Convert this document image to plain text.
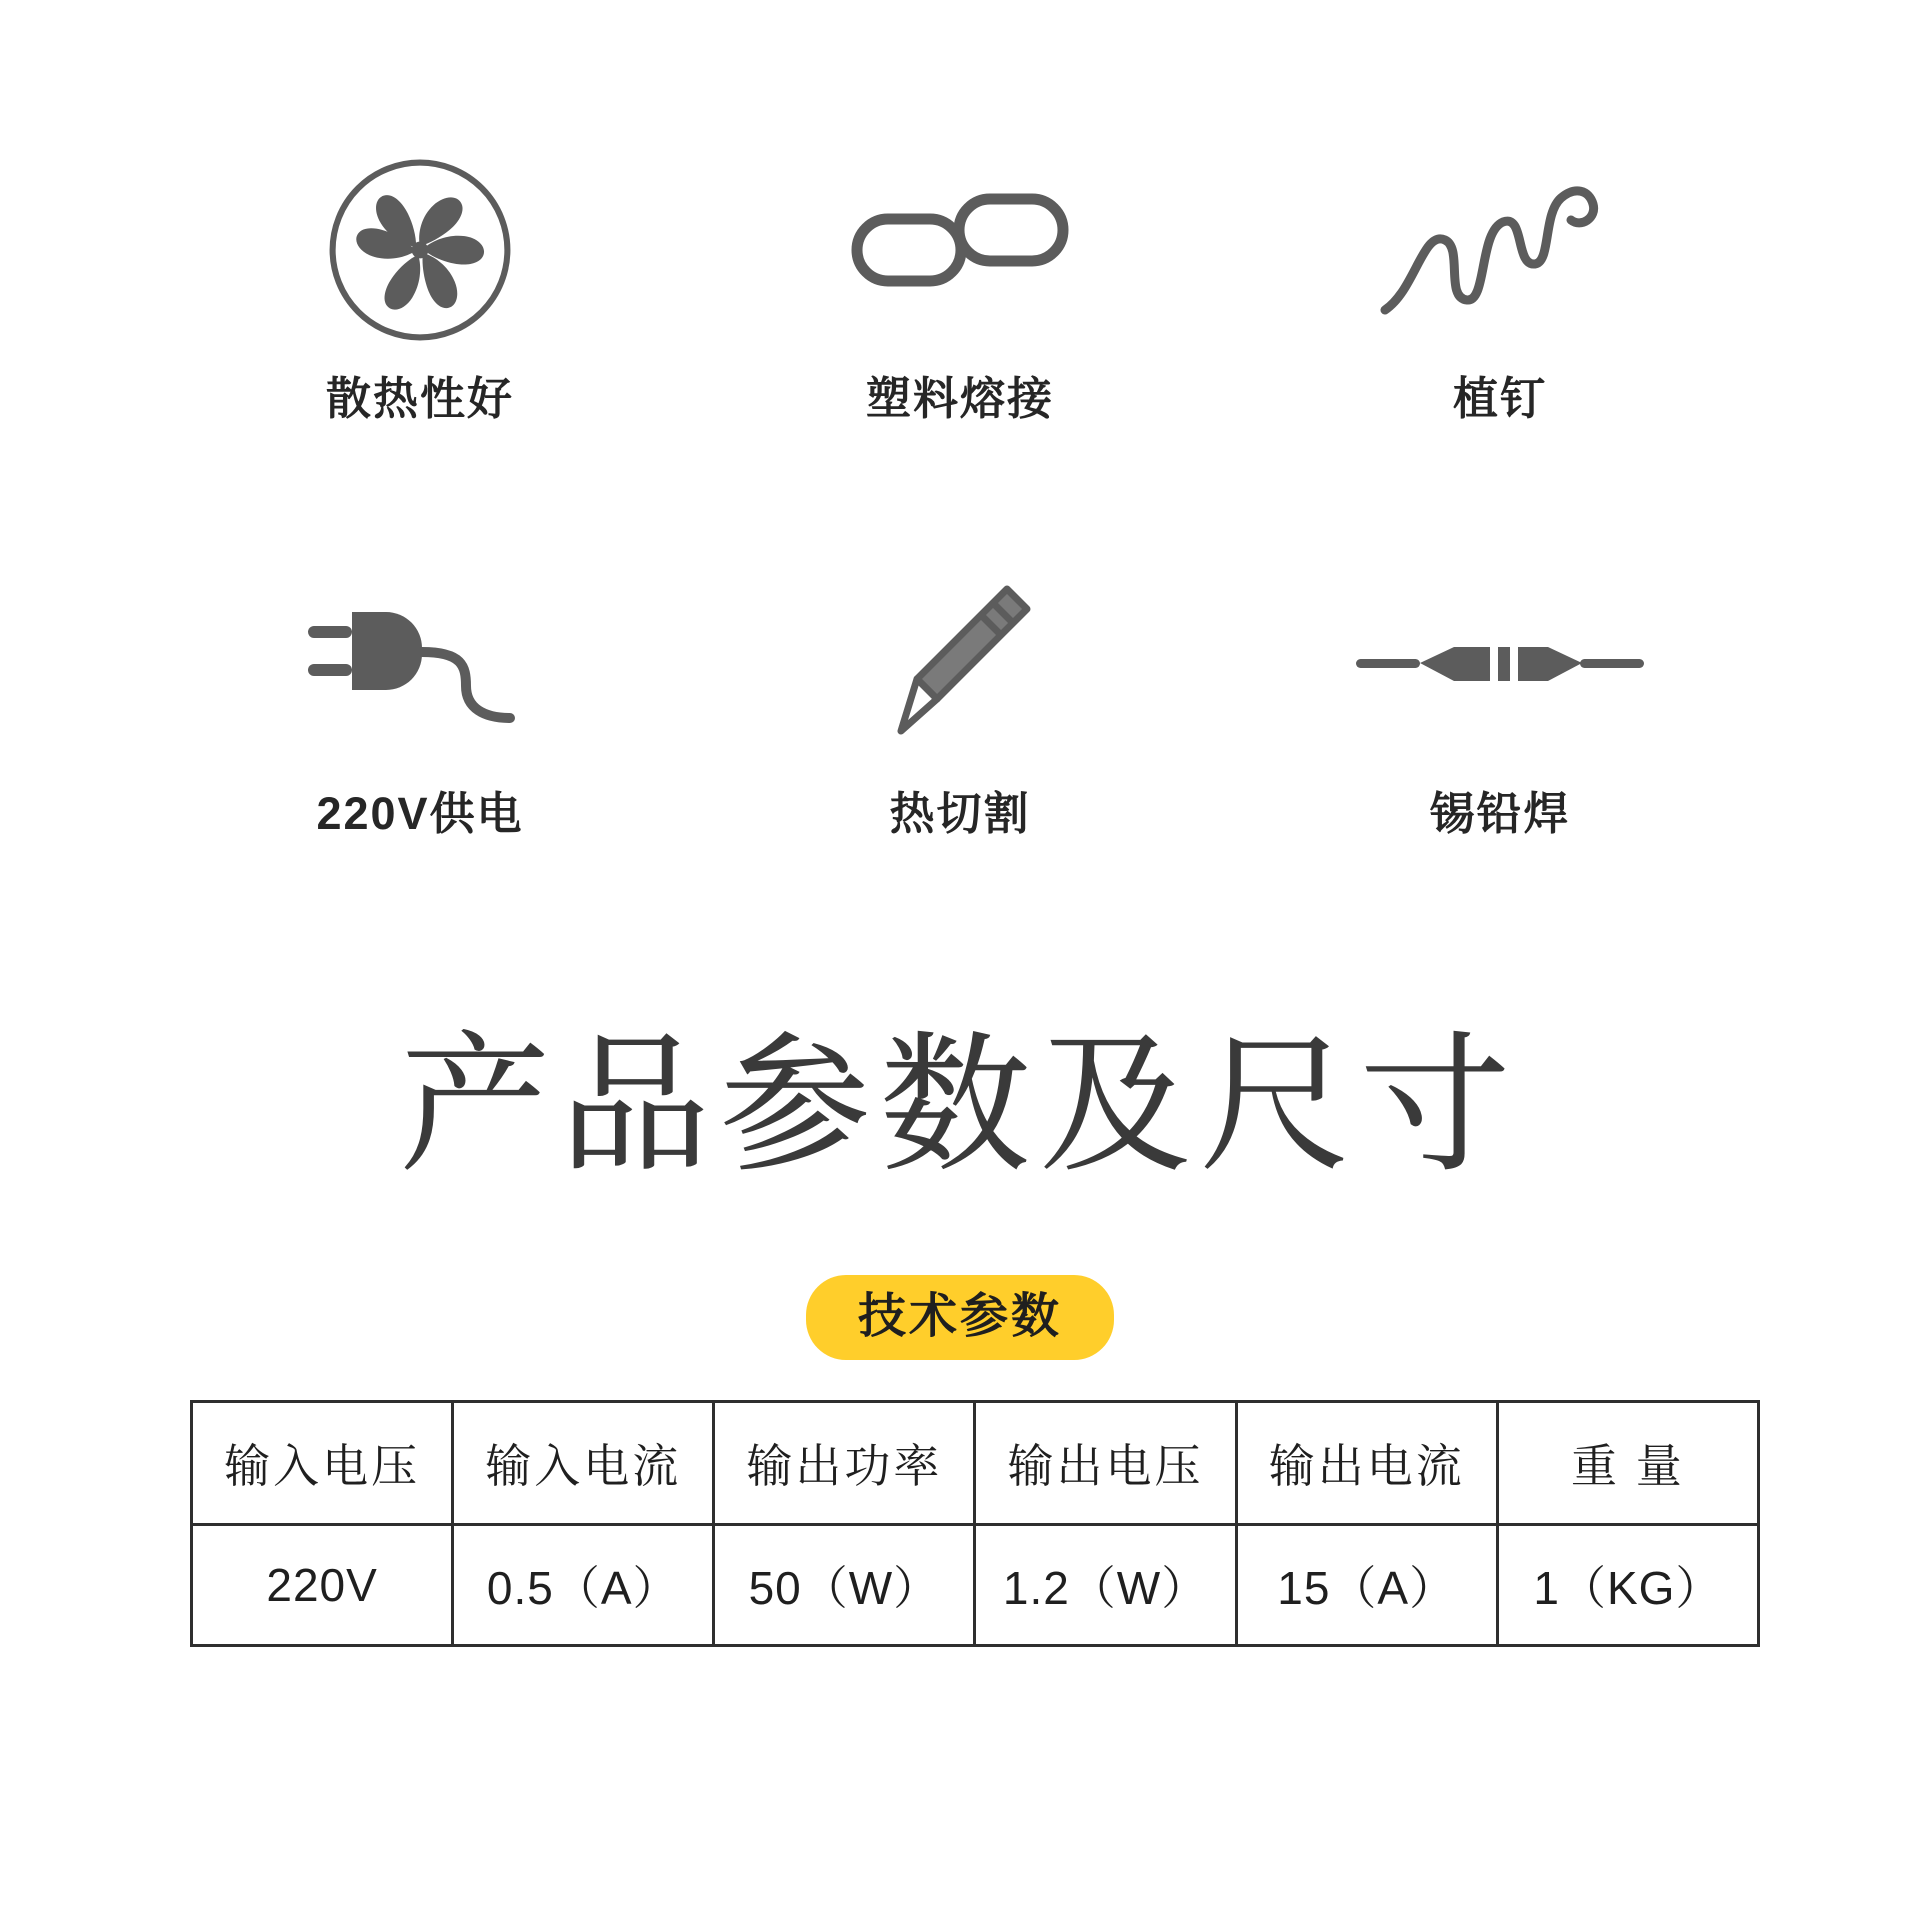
散热性好	塑料熔接	植钉
220V供电	热切割	锡铅焊
产品参数及尺寸
技术参数
输入电压	输入电流	输出功率	输出电压	输出电流	重 量
220V	0.5（A）	50（W）	1.2（W）	15（A）	1（KG）
